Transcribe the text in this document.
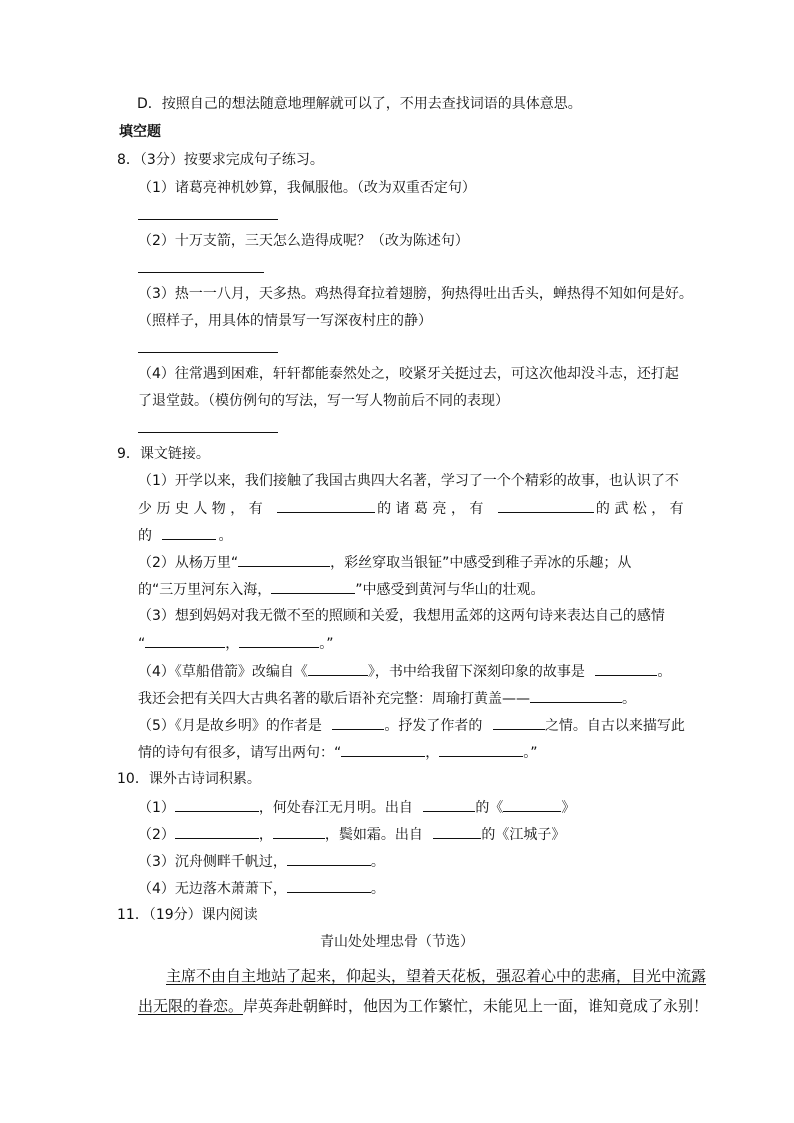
D．按照自己的想法随意地理解就可以了，不用去查找词语的具体意思。
填空题
8．（3分）按要求完成句子练习。
（1）诸葛亮神机妙算，我佩服他。（改为双重否定句）
（2）十万支箭，三天怎么造得成呢？（改为陈述句）
（3）热一一八月，天多热。鸡热得耷拉着翅膀，狗热得吐出舌头，蝉热得不知如何是好。
（照样子，用具体的情景写一写深夜村庄的静）
（4）往常遇到困难，轩轩都能泰然处之，咬紧牙关挺过去，可这次他却没斗志，还打起
了退堂鼓。（模仿例句的写法，写一写人物前后不同的表现）
9．课文链接。
（1）开学以来，我们接触了我国古典四大名著，学习了一个个精彩的故事，也认识了不
少 历 史 人 物 ， 有	的 诸 葛 亮 ， 有	的 武 松 ， 有
的	。
（2）从杨万里“	，彩丝穿取当银钲”中感受到稚子弄冰的乐趣；从
的“三万里河东入海，	”中感受到黄河与华山的壮观。
（3）想到妈妈对我无微不至的照顾和关爱，我想用孟郊的这两句诗来表达自己的感情
“	，	。”
（4）《草船借箭》改编自《	》，书中给我留下深刻印象的故事是	。
我还会把有关四大古典名著的歇后语补充完整：周瑜打黄盖——	。
（5）《月是故乡明》的作者是	。抒发了作者的	之情。自古以来描写此
情的诗句有很多，请写出两句：“	，	。”
10．课外古诗词积累。
（1）	，何处春江无月明。出自	的《	》
（2）	，	，鬓如霜。出自	的《江城子》
（3）沉舟侧畔千帆过，	。
（4）无边落木萧萧下，	。
11．（19分）课内阅读
青山处处埋忠骨（节选）
主席不由自主地站了起来，仰起头，望着天花板，强忍着心中的悲痛，目光中流露
出无限的眷恋。岸英奔赴朝鲜时，他因为工作繁忙，未能见上一面，谁知竟成了永别！
